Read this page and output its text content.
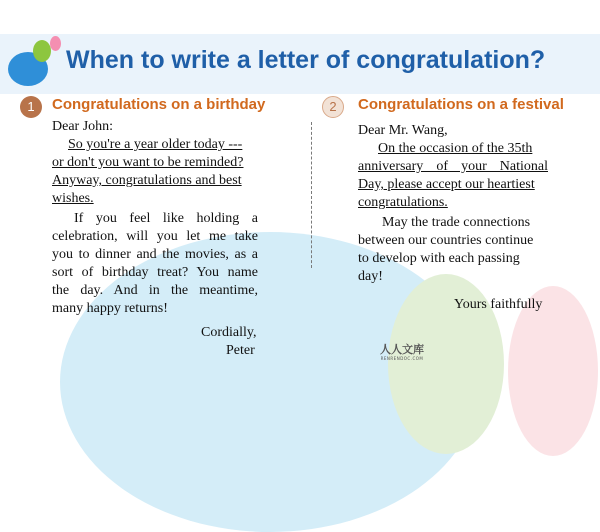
When to write a letter of congratulation?
1	Congratulations on a birthday

Dear John:

So you're a year older today ---

or don't you want to be reminded?

Anyway, congratulations and best

wishes.

If you feel like holding a

celebration, will you let me take

you to dinner and the movies, as a

sort of birthday treat? You name

the day. And in the meantime,

many happy returns!

Cordially,

Peter

2	Congratulations on a festival

Dear Mr. Wang,

On the occasion of the 35th

anniversary of your National

Day, please accept our heartiest

congratulations.

May the trade connections

between our countries continue

to develop with each passing

day!

Yours faithfully

人人文库
RENRENDOC.COM
